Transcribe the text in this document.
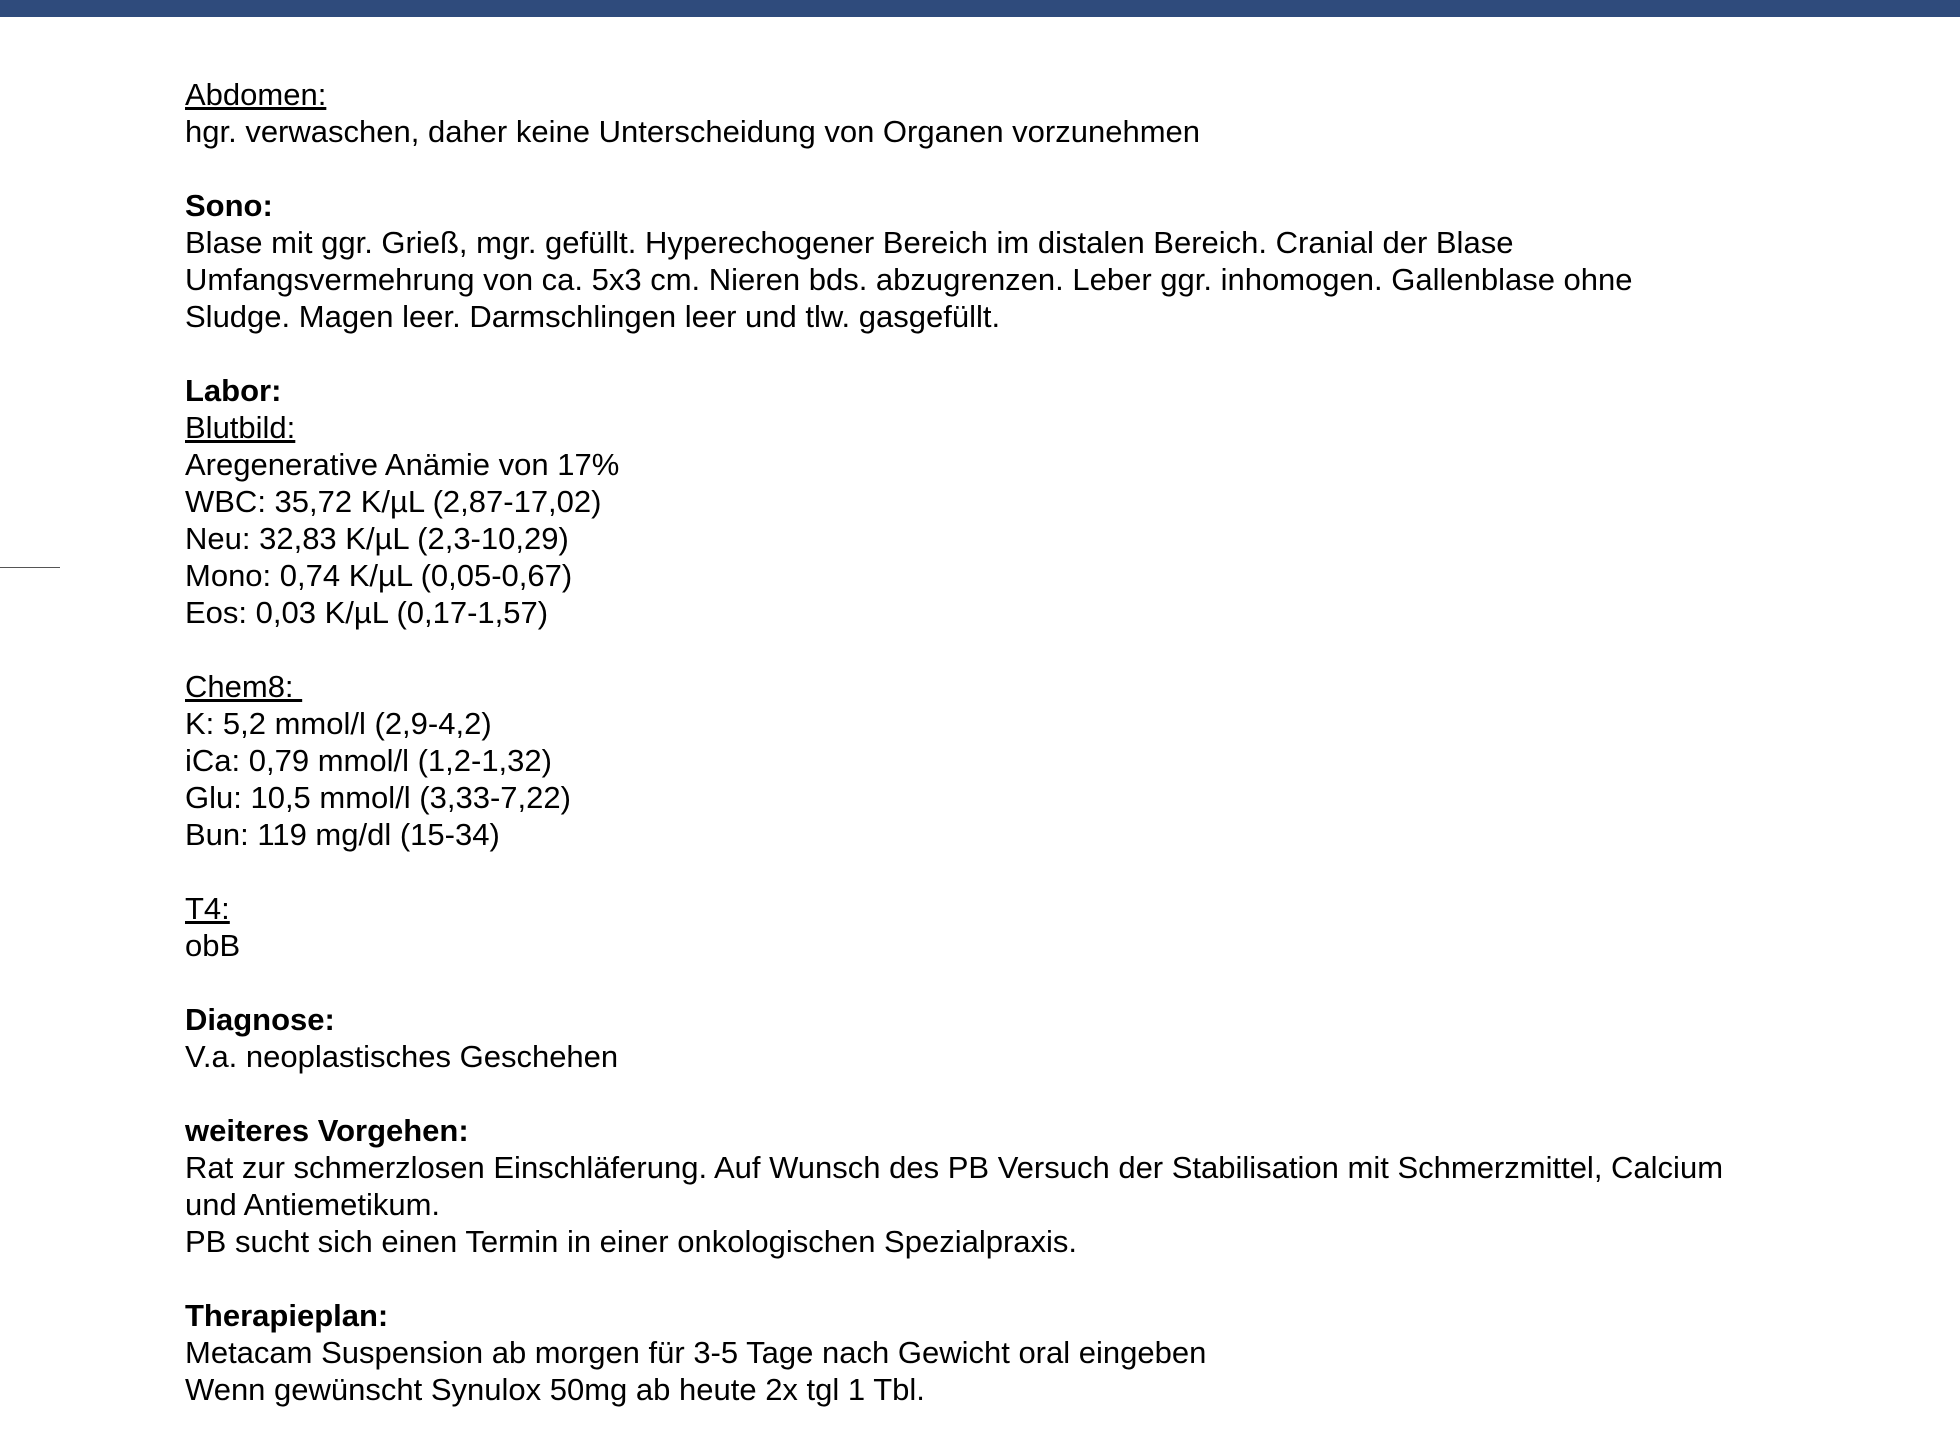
Abdomen:
hgr. verwaschen, daher keine Unterscheidung von Organen vorzunehmen
Sono:
Blase mit ggr. Grieß, mgr. gefüllt. Hyperechogener Bereich im distalen Bereich. Cranial der Blase
Umfangsvermehrung von ca. 5x3 cm. Nieren bds. abzugrenzen. Leber ggr. inhomogen. Gallenblase ohne
Sludge. Magen leer. Darmschlingen leer und tlw. gasgefüllt.
Labor:
Blutbild:
Aregenerative Anämie von 17%
WBC: 35,72 K/µL (2,87-17,02)
Neu: 32,83 K/µL (2,3-10,29)
Mono: 0,74 K/µL (0,05-0,67)
Eos: 0,03 K/µL (0,17-1,57)
Chem8:
K: 5,2 mmol/l (2,9-4,2)
iCa: 0,79 mmol/l (1,2-1,32)
Glu: 10,5 mmol/l (3,33-7,22)
Bun: 119 mg/dl (15-34)
T4:
obB
Diagnose:
V.a. neoplastisches Geschehen
weiteres Vorgehen:
Rat zur schmerzlosen Einschläferung. Auf Wunsch des PB Versuch der Stabilisation mit Schmerzmittel, Calcium
und Antiemetikum.
PB sucht sich einen Termin in einer onkologischen Spezialpraxis.
Therapieplan:
Metacam Suspension ab morgen für 3-5 Tage nach Gewicht oral eingeben
Wenn gewünscht Synulox 50mg ab heute 2x tgl 1 Tbl.
